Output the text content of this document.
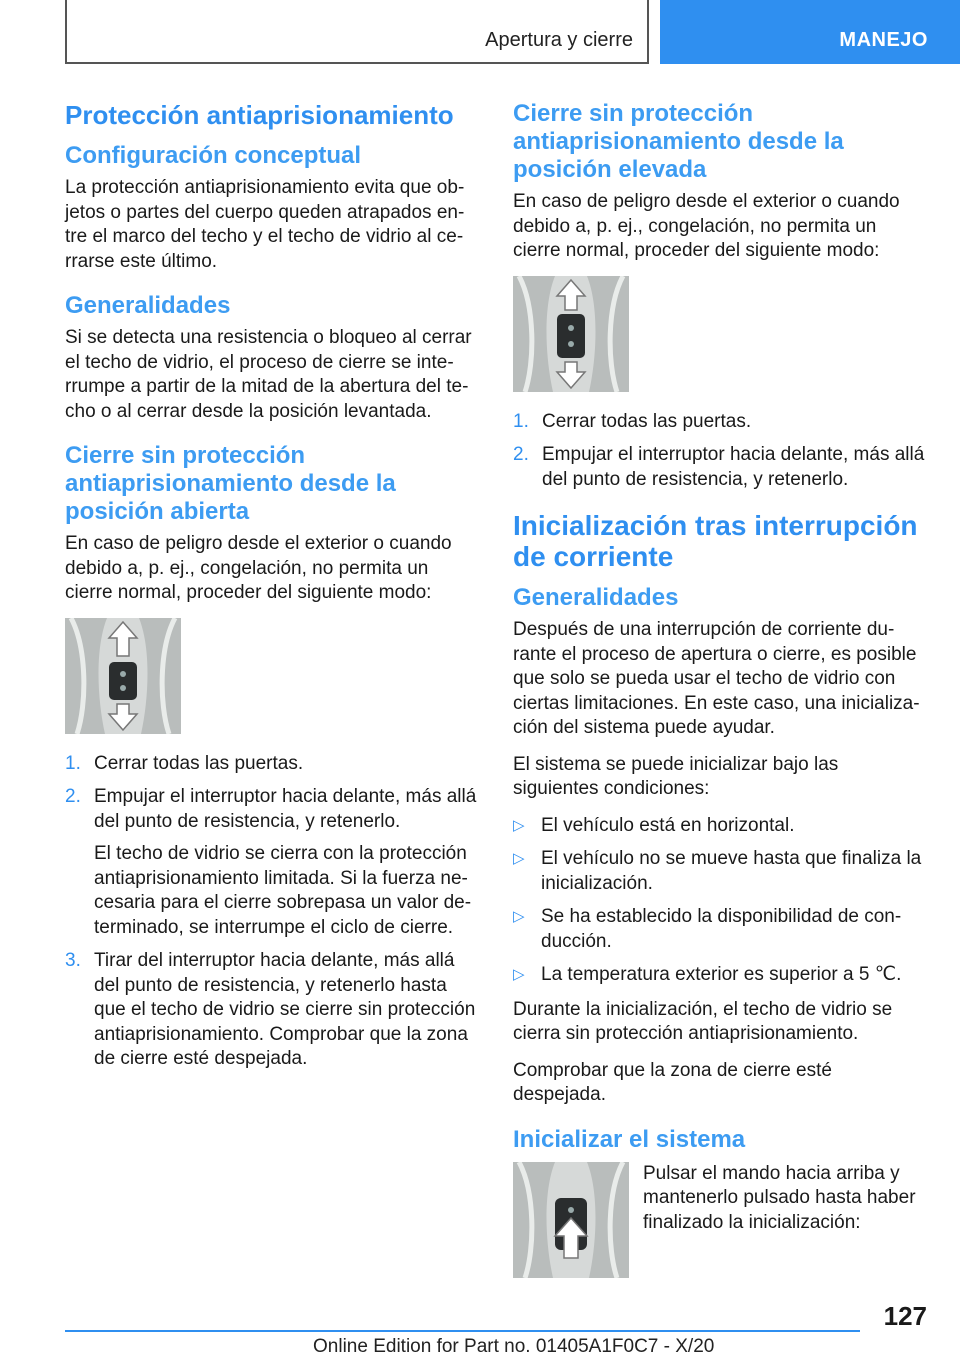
Apertura y cierre	MANEJO
Protección antiaprisionamiento
Configuración conceptual

La protección antiaprisionamiento evita que objetos o partes del cuerpo queden atrapados entre el marco del techo y el techo de vidrio al cerrarse este último.

Generalidades

Si se detecta una resistencia o bloqueo al cerrar el techo de vidrio, el proceso de cierre se interrumpe a partir de la mitad de la abertura del techo o al cerrar desde la posición levantada.

Cierre sin protección antiaprisionamiento desde la posición abierta

En caso de peligro desde el exterior o cuando debido a, p. ej., congelación, no permita un cierre normal, proceder del siguiente modo:

1. Cerrar todas las puertas.
2. Empujar el interruptor hacia delante, más allá del punto de resistencia, y retenerlo.
El techo de vidrio se cierra con la protección antiaprisionamiento limitada. Si la fuerza necesaria para el cierre sobrepasa un valor determinado, se interrumpe el ciclo de cierre.
3. Tirar del interruptor hacia delante, más allá del punto de resistencia, y retenerlo hasta que el techo de vidrio se cierre sin protección antiaprisionamiento. Comprobar que la zona de cierre esté despejada.
Cierre sin protección antiaprisionamiento desde la posición elevada

En caso de peligro desde el exterior o cuando debido a, p. ej., congelación, no permita un cierre normal, proceder del siguiente modo:

1. Cerrar todas las puertas.
2. Empujar el interruptor hacia delante, más allá del punto de resistencia, y retenerlo.
Inicialización tras interrupción de corriente
Generalidades

Después de una interrupción de corriente durante el proceso de apertura o cierre, es posible que solo se pueda usar el techo de vidrio con ciertas limitaciones. En este caso, una inicialización del sistema puede ayudar.

El sistema se puede inicializar bajo las siguientes condiciones:

▷ El vehículo está en horizontal.
▷ El vehículo no se mueve hasta que finaliza la inicialización.
▷ Se ha establecido la disponibilidad de conducción.
▷ La temperatura exterior es superior a 5 ℃.

Durante la inicialización, el techo de vidrio se cierra sin protección antiaprisionamiento.

Comprobar que la zona de cierre esté despejada.

Inicializar el sistema

Pulsar el mando hacia arriba y mantenerlo pulsado hasta haber finalizado la inicialización:

127
Online Edition for Part no. 01405A1F0C7 - X/20
